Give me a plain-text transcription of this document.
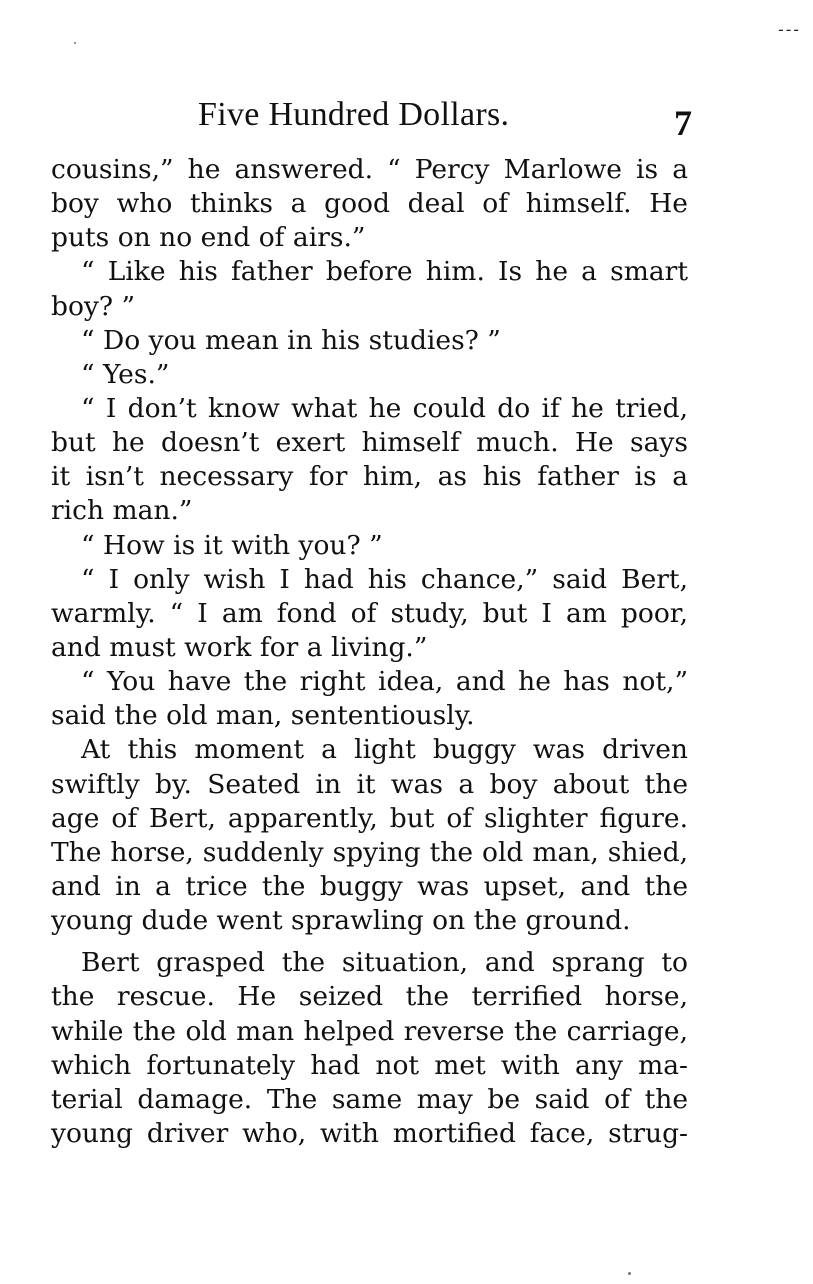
---
Five Hundred Dollars.	7
cousins,” he answered. “ Percy Marlowe is a
boy who thinks a good deal of himself. He
puts on no end of airs.”
“ Like his father before him. Is he a smart
boy? ”
“ Do you mean in his studies? ”
“ Yes.”
“ I don’t know what he could do if he tried,
but he doesn’t exert himself much. He says
it isn’t necessary for him, as his father is a
rich man.”
“ How is it with you? ”
“ I only wish I had his chance,” said Bert,
warmly. “ I am fond of study, but I am poor,
and must work for a living.”
“ You have the right idea, and he has not,”
said the old man, sententiously.
At this moment a light buggy was driven
swiftly by. Seated in it was a boy about the
age of Bert, apparently, but of slighter figure.
The horse, suddenly spying the old man, shied,
and in a trice the buggy was upset, and the
young dude went sprawling on the ground.
Bert grasped the situation, and sprang to
the rescue. He seized the terrified horse,
while the old man helped reverse the carriage,
which fortunately had not met with any ma-
terial damage. The same may be said of the
young driver who, with mortified face, strug-
